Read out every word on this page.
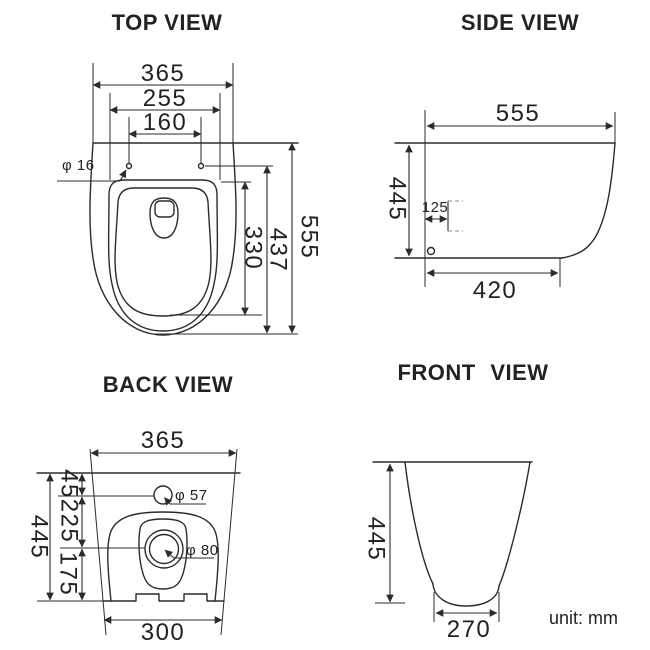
TOP VIEW
365
255
160
φ 16
330
437 555
SIDE VIEW
555
445 125
420
BACK VIEW
365
445
45
225
175
300
φ 57
φ 80
FRONT VIEW
445
270	unit: mm
